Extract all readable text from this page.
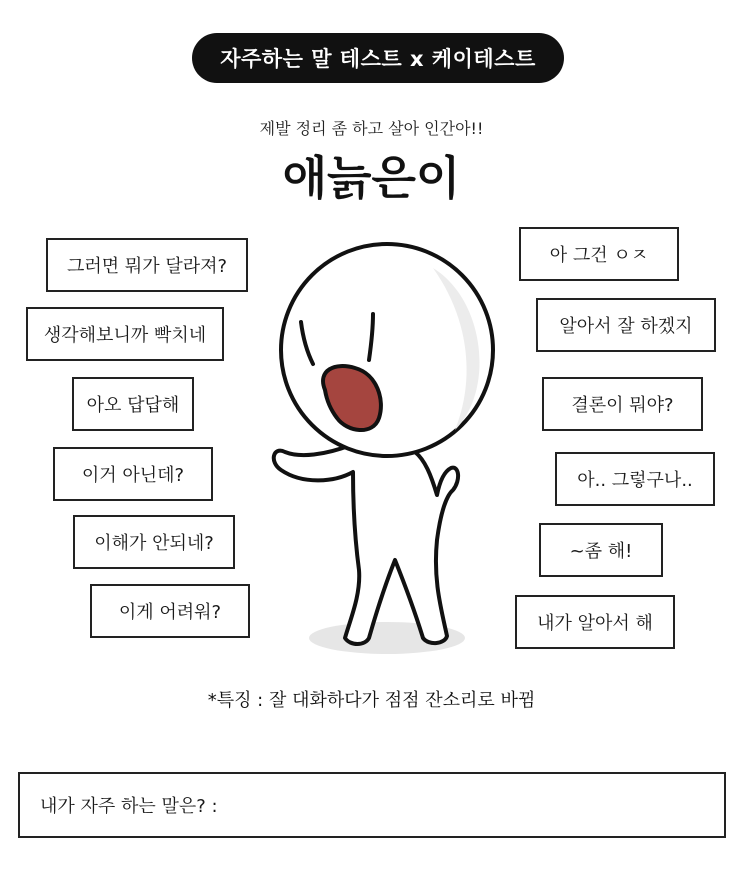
자주하는 말 테스트 x 케이테스트
제발 정리 좀 하고 살아 인간아!!
애늙은이
그러면 뭐가 달라져?
생각해보니까 빡치네
아오 답답해
이거 아닌데?
이해가 안되네?
이게 어려워?
아 그건 ㅇㅈ
알아서 잘 하겠지
결론이 뭐야?
아.. 그렇구나..
~좀 해!
내가 알아서 해
*특징 : 잘 대화하다가 점점 잔소리로 바뀜
내가 자주 하는 말은? :
